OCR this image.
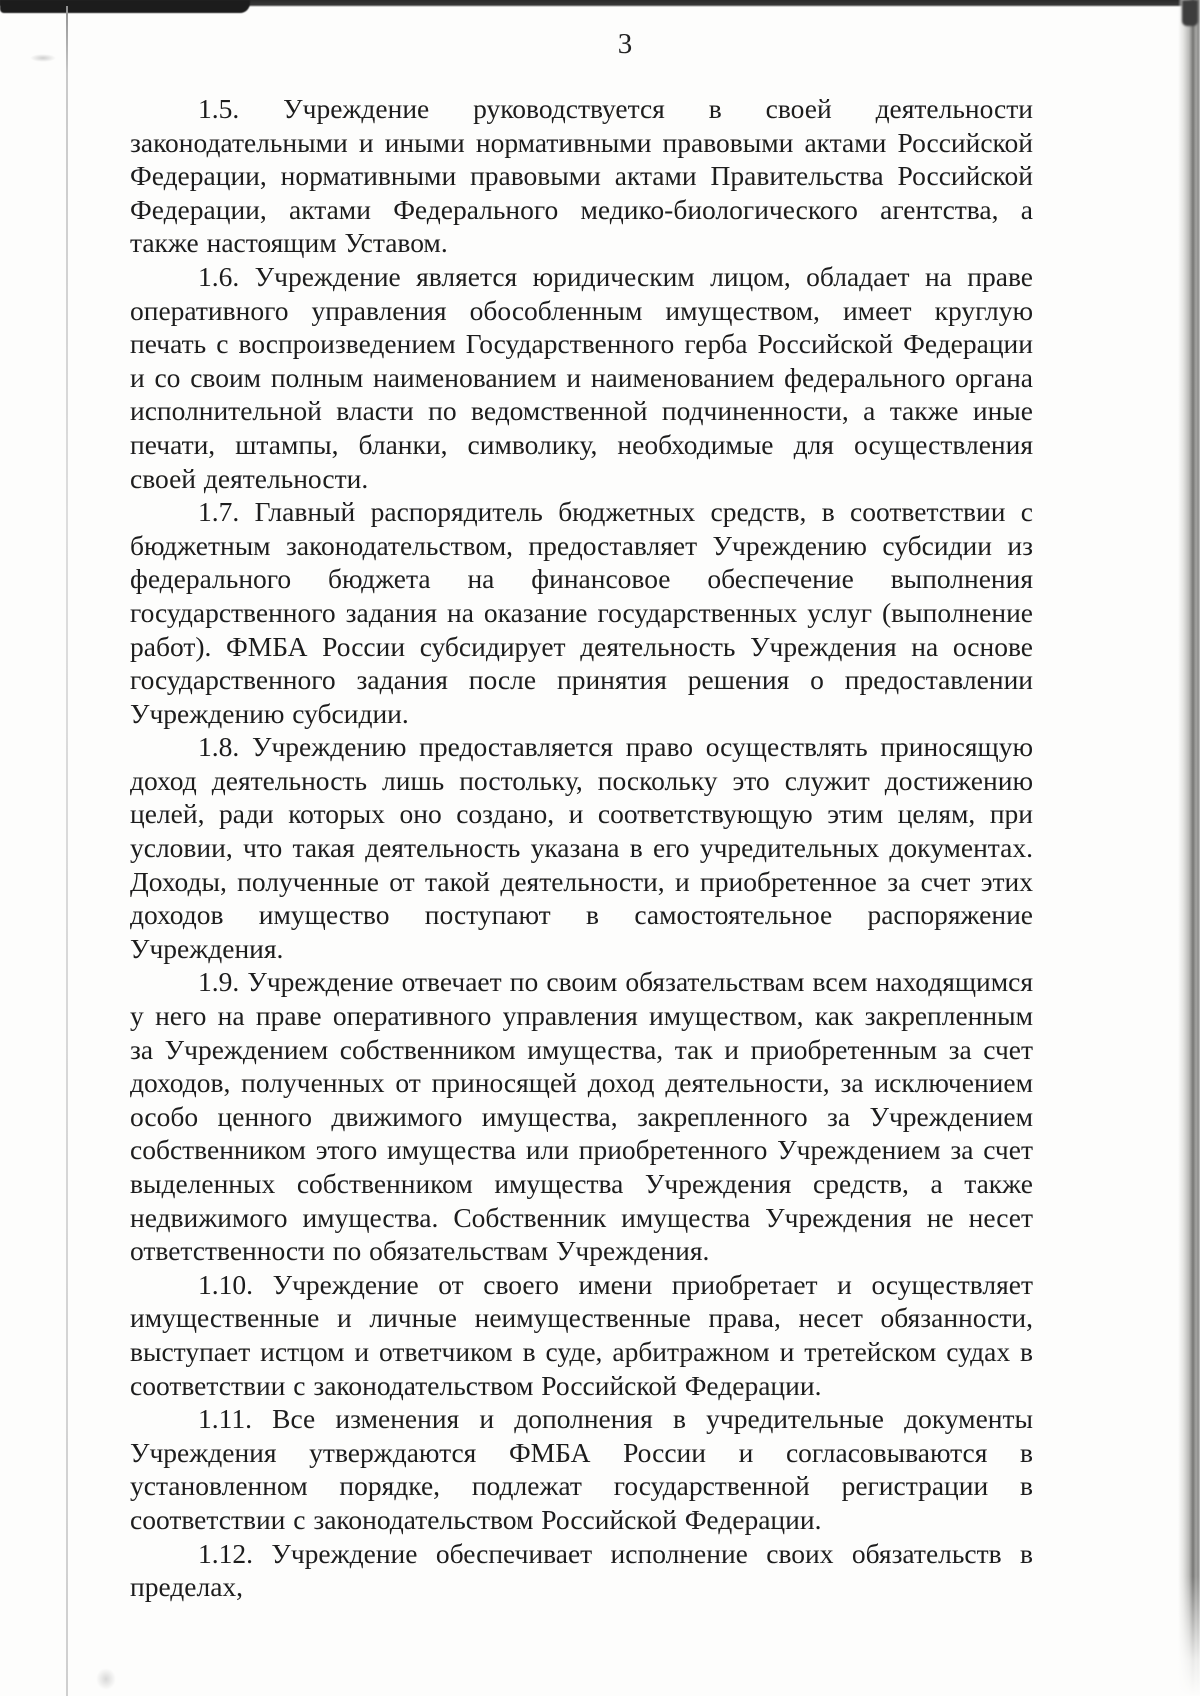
3

1.5. Учреждение руководствуется в своей деятельности законодательными и иными нормативными правовыми актами Российской Федерации, нормативными правовыми актами Правительства Российской Федерации, актами Федерального медико-биологического агентства, а также настоящим Уставом.

1.6. Учреждение является юридическим лицом, обладает на праве оперативного управления обособленным имуществом, имеет круглую печать с воспроизведением Государственного герба Российской Федерации и со своим полным наименованием и наименованием федерального органа исполнительной власти по ведомственной подчиненности, а также иные печати, штампы, бланки, символику, необходимые для осуществления своей деятельности.

1.7. Главный распорядитель бюджетных средств, в соответствии с бюджетным законодательством, предоставляет Учреждению субсидии из федерального бюджета на финансовое обеспечение выполнения государственного задания на оказание государственных услуг (выполнение работ). ФМБА России субсидирует деятельность Учреждения на основе государственного задания после принятия решения о предоставлении Учреждению субсидии.

1.8. Учреждению предоставляется право осуществлять приносящую доход деятельность лишь постольку, поскольку это служит достижению целей, ради которых оно создано, и соответствующую этим целям, при условии, что такая деятельность указана в его учредительных документах. Доходы, полученные от такой деятельности, и приобретенное за счет этих доходов имущество поступают в самостоятельное распоряжение Учреждения.

1.9. Учреждение отвечает по своим обязательствам всем находящимся у него на праве оперативного управления имуществом, как закрепленным за Учреждением собственником имущества, так и приобретенным за счет доходов, полученных от приносящей доход деятельности, за исключением особо ценного движимого имущества, закрепленного за Учреждением собственником этого имущества или приобретенного Учреждением за счет выделенных собственником имущества Учреждения средств, а также недвижимого имущества. Собственник имущества Учреждения не несет ответственности по обязательствам Учреждения.

1.10. Учреждение от своего имени приобретает и осуществляет имущественные и личные неимущественные права, несет обязанности, выступает истцом и ответчиком в суде, арбитражном и третейском судах в соответствии с законодательством Российской Федерации.

1.11. Все изменения и дополнения в учредительные документы Учреждения утверждаются ФМБА России и согласовываются в установленном порядке, подлежат государственной регистрации в соответствии с законодательством Российской Федерации.

1.12. Учреждение обеспечивает исполнение своих обязательств в пределах,
